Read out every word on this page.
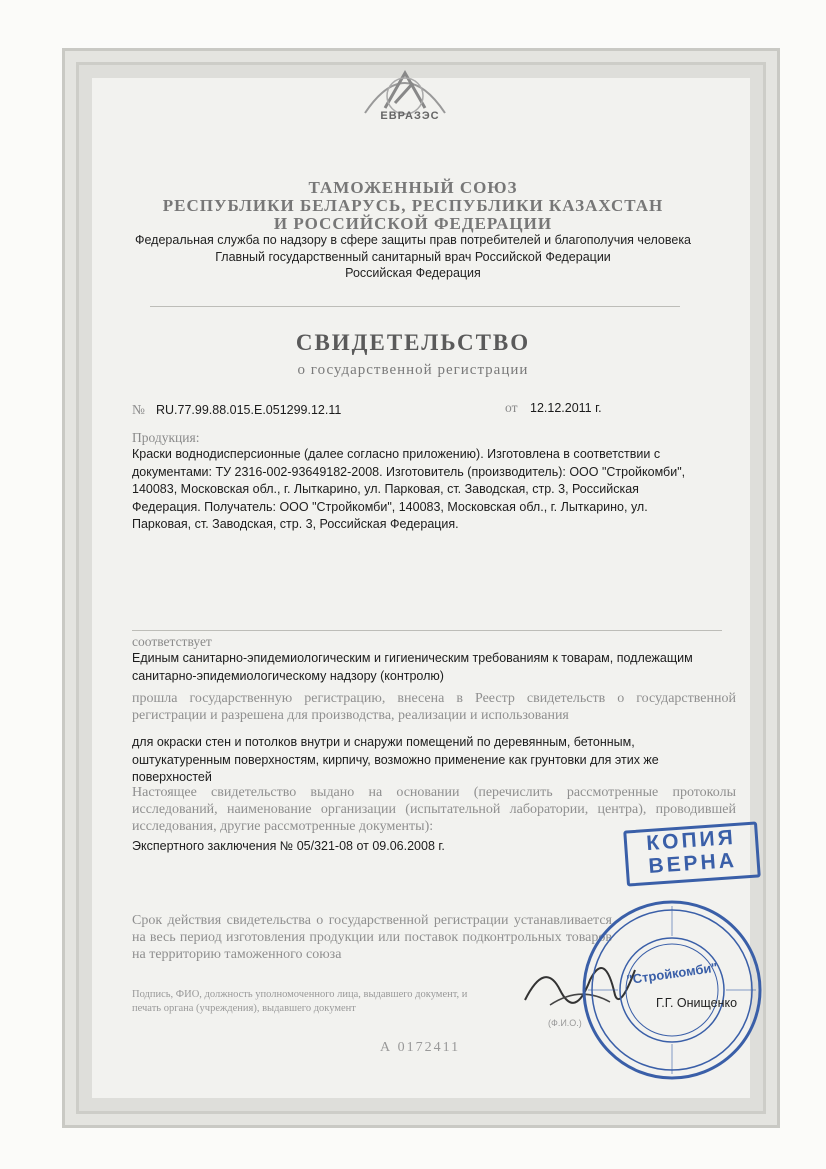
ЕВРАЗЭС
ТАМОЖЕННЫЙ СОЮЗ
РЕСПУБЛИКИ БЕЛАРУСЬ, РЕСПУБЛИКИ КАЗАХСТАН
И РОССИЙСКОЙ ФЕДЕРАЦИИ
Федеральная служба по надзору в сфере защиты прав потребителей и благополучия человека
Главный государственный санитарный врач Российской Федерации
Российская Федерация
СВИДЕТЕЛЬСТВО
о государственной регистрации
№ RU.77.99.88.015.Е.051299.12.11	от 12.12.2011 г.
Продукция:
Краски воднодисперсионные (далее согласно приложению). Изготовлена в соответствии с
документами: ТУ 2316-002-93649182-2008. Изготовитель (производитель): ООО "Стройкомби",
140083, Московская обл., г. Лыткарино, ул. Парковая, ст. Заводская, стр. 3, Российская
Федерация. Получатель: ООО "Стройкомби", 140083, Московская обл., г. Лыткарино, ул.
Парковая, ст. Заводская, стр. 3, Российская Федерация.
соответствует
Единым санитарно-эпидемиологическим и гигиеническим требованиям к товарам, подлежащим
санитарно-эпидемиологическому надзору (контролю)
прошла государственную регистрацию, внесена в Реестр свидетельств о государственной регистрации и разрешена для производства, реализации и использования
для окраски стен и потолков внутри и снаружи помещений по деревянным, бетонным,
оштукатуренным поверхностям, кирпичу, возможно применение как грунтовки для этих же
поверхностей
Настоящее свидетельство выдано на основании (перечислить рассмотренные протоколы исследований, наименование организации (испытательной лаборатории, центра), проводившей исследования, другие рассмотренные документы):
Экспертного заключения № 05/321-08 от 09.06.2008 г.	КОПИЯ
ВЕРНА
Срок действия свидетельства о государственной регистрации устанавливается на весь период изготовления продукции или поставок подконтрольных товаров на территорию таможенного союза
"Стройкомби"
Г.Г. Онищенко
(Ф.И.О.)
Подпись, ФИО, должность уполномоченного лица, выдавшего документ, и печать органа (учреждения), выдавшего документ
А 0172411
